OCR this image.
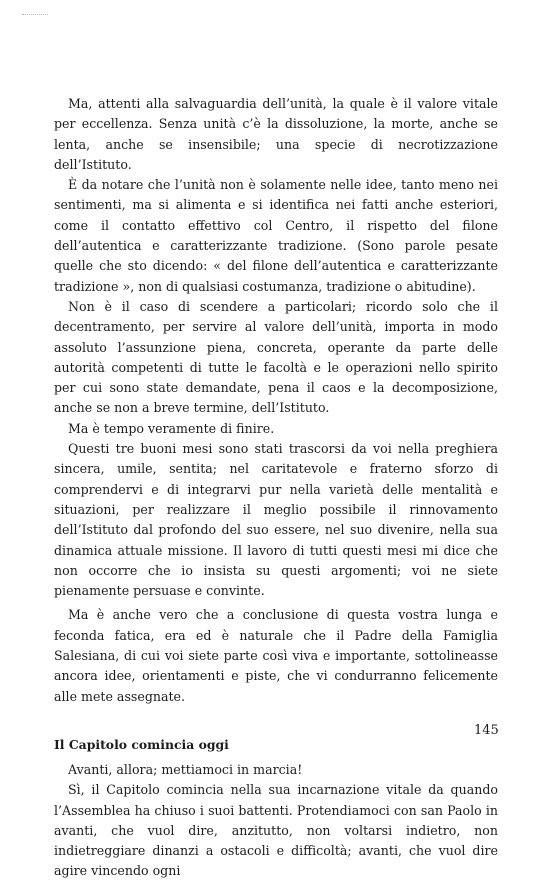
Ma, attenti alla salvaguardia dell’unità, la quale è il valore vitale per eccellenza. Senza unità c’è la dissoluzione, la morte, anche se lenta, anche se insensibile; una specie di necrotizzazione dell’Istituto.

È da notare che l’unità non è solamente nelle idee, tanto meno nei sentimenti, ma si alimenta e si identifica nei fatti anche esteriori, come il contatto effettivo col Centro, il rispetto del filone dell’autentica e caratterizzante tradizione. (Sono parole pesate quelle che sto dicendo: « del filone dell’autentica e caratterizzante tradizione », non di qualsiasi costumanza, tradizione o abitudine).

Non è il caso di scendere a particolari; ricordo solo che il decentramento, per servire al valore dell’unità, importa in modo assoluto l’assunzione piena, concreta, operante da parte delle autorità competenti di tutte le facoltà e le operazioni nello spirito per cui sono state demandate, pena il caos e la decomposizione, anche se non a breve termine, dell’Istituto.

Ma è tempo veramente di finire.

Questi tre buoni mesi sono stati trascorsi da voi nella preghiera sincera, umile, sentita; nel caritatevole e fraterno sforzo di comprendervi e di integrarvi pur nella varietà delle mentalità e situazioni, per realizzare il meglio possibile il rinnovamento dell’Istituto dal profondo del suo essere, nel suo divenire, nella sua dinamica attuale missione. Il lavoro di tutti questi mesi mi dice che non occorre che io insista su questi argomenti; voi ne siete pienamente persuase e convinte.

Ma è anche vero che a conclusione di questa vostra lunga e feconda fatica, era ed è naturale che il Padre della Famiglia Salesiana, di cui voi siete parte così viva e importante, sottolineasse ancora idee, orientamenti e piste, che vi condurranno felicemente alle mete assegnate.

Il Capitolo comincia oggi

Avanti, allora; mettiamoci in marcia!

Sì, il Capitolo comincia nella sua incarnazione vitale da quando l’Assemblea ha chiuso i suoi battenti. Protendiamoci con san Paolo in avanti, che vuol dire, anzitutto, non voltarsi indietro, non indietreggiare dinanzi a ostacoli e difficoltà; avanti, che vuol dire agire vincendo ogni

145
